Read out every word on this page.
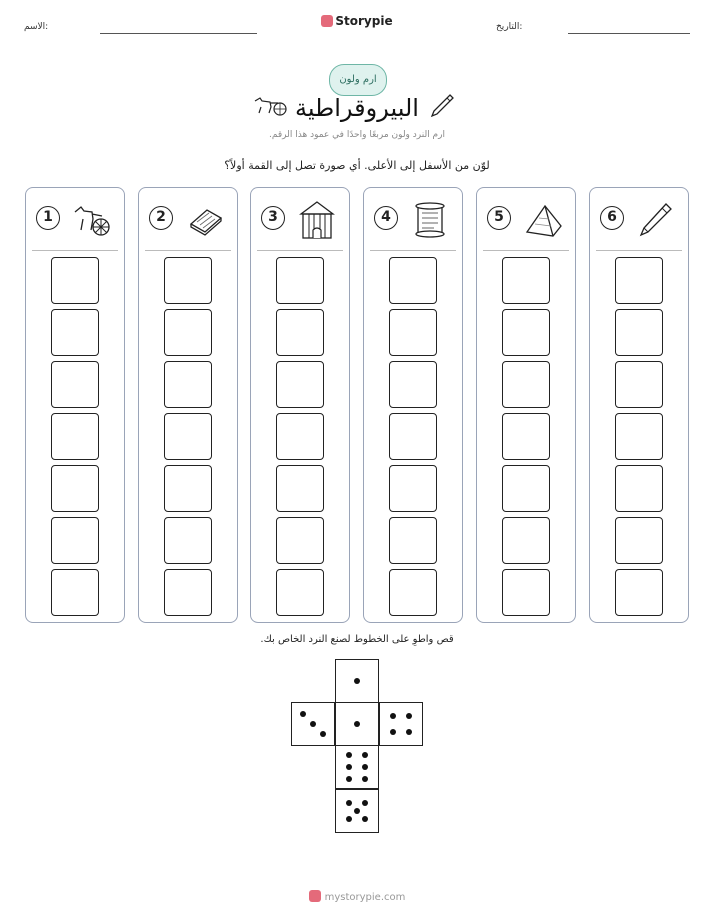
الاسم:	Storypie	التاريخ:
ارم ولون
البيروقراطية
ارم النرد ولون مربعًا واحدًا في عمود هذا الرقم.
لوّن من الأسفل إلى الأعلى. أي صورة تصل إلى القمة أولاً؟
1	2	3	4	5	6
قص واطوِ على الخطوط لصنع النرد الخاص بك.
mystorypie.com
